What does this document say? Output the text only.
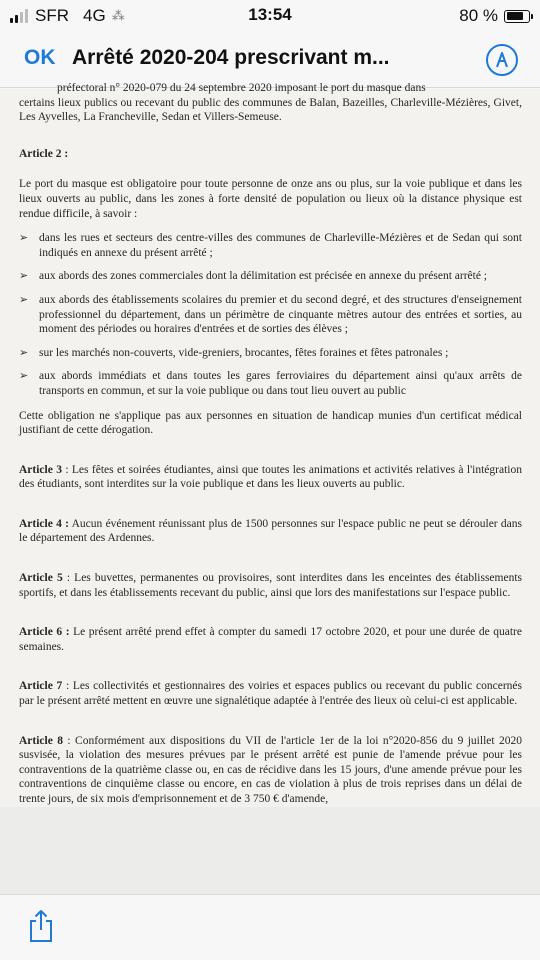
SFR 4G ⁂	13:54	80 %
OK Arrêté 2020-204 prescrivant m...

préfectoral n° 2020-079 du 24 septembre 2020 imposant le port du masque dans

certains lieux publics ou recevant du public des communes de Balan, Bazeilles, Charleville-Mézières, Givet, Les Ayvelles, La Francheville, Sedan et Villers-Semeuse.

Article 2 :

Le port du masque est obligatoire pour toute personne de onze ans ou plus, sur la voie publique et dans les lieux ouverts au public, dans les zones à forte densité de population ou lieux où la distance physique est rendue difficile, à savoir :

➢ dans les rues et secteurs des centre-villes des communes de Charleville-Mézières et de Sedan qui sont indiqués en annexe du présent arrêté ;
➢ aux abords des zones commerciales dont la délimitation est précisée en annexe du présent arrêté ;
➢ aux abords des établissements scolaires du premier et du second degré, et des structures d'enseignement professionnel du département, dans un périmètre de cinquante mètres autour des entrées et sorties, au moment des périodes ou horaires d'entrées et de sorties des élèves ;
➢ sur les marchés non-couverts, vide-greniers, brocantes, fêtes foraines et fêtes patronales ;
➢ aux abords immédiats et dans toutes les gares ferroviaires du département ainsi qu'aux arrêts de transports en commun, et sur la voie publique ou dans tout lieu ouvert au public

Cette obligation ne s'applique pas aux personnes en situation de handicap munies d'un certificat médical justifiant de cette dérogation.

Article 3 : Les fêtes et soirées étudiantes, ainsi que toutes les animations et activités relatives à l'intégration des étudiants, sont interdites sur la voie publique et dans les lieux ouverts au public.

Article 4 : Aucun événement réunissant plus de 1500 personnes sur l'espace public ne peut se dérouler dans le département des Ardennes.

Article 5 : Les buvettes, permanentes ou provisoires, sont interdites dans les enceintes des établissements sportifs, et dans les établissements recevant du public, ainsi que lors des manifestations sur l'espace public.

Article 6 : Le présent arrêté prend effet à compter du samedi 17 octobre 2020, et pour une durée de quatre semaines.

Article 7 : Les collectivités et gestionnaires des voiries et espaces publics ou recevant du public concernés par le présent arrêté mettent en œuvre une signalétique adaptée à l'entrée des lieux où celui-ci est applicable.

Article 8 : Conformément aux dispositions du VII de l'article 1er de la loi n°2020-856 du 9 juillet 2020 susvisée, la violation des mesures prévues par le présent arrêté est punie de l'amende prévue pour les contraventions de la quatrième classe ou, en cas de récidive dans les 15 jours, d'une amende prévue pour les contraventions de cinquième classe ou encore, en cas de violation à plus de trois reprises dans un délai de trente jours, de six mois d'emprisonnement et de 3 750 € d'amende,
